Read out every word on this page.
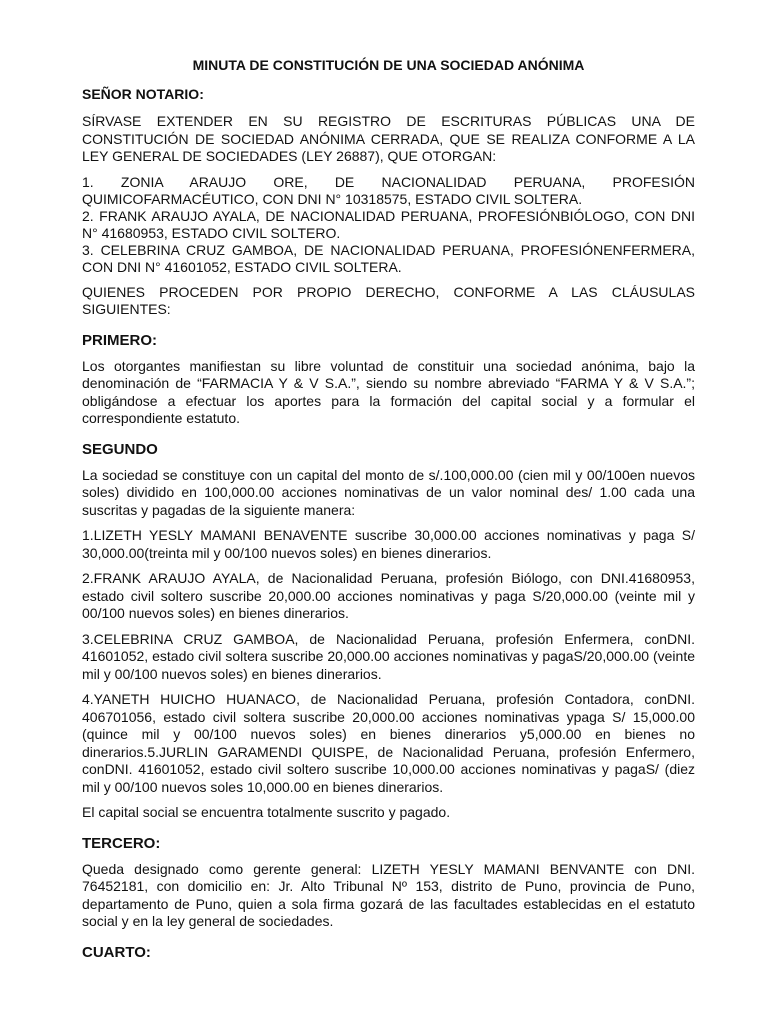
MINUTA DE CONSTITUCIÓN DE UNA SOCIEDAD ANÓNIMA
SEÑOR NOTARIO:
SÍRVASE EXTENDER EN SU REGISTRO DE ESCRITURAS PÚBLICAS UNA DE CONSTITUCIÓN DE SOCIEDAD ANÓNIMA CERRADA, QUE SE REALIZA CONFORME A LA LEY GENERAL DE SOCIEDADES (LEY 26887), QUE OTORGAN:
1. ZONIA ARAUJO ORE, DE NACIONALIDAD PERUANA, PROFESIÓN QUIMICOFARMACÉUTICO, CON DNI N° 10318575, ESTADO CIVIL SOLTERA.
2. FRANK ARAUJO AYALA, DE NACIONALIDAD PERUANA, PROFESIÓNBIÓLOGO, CON DNI N° 41680953, ESTADO CIVIL SOLTERO.
3. CELEBRINA CRUZ GAMBOA, DE NACIONALIDAD PERUANA, PROFESIÓNENFERMERA, CON DNI N° 41601052, ESTADO CIVIL SOLTERA.
QUIENES PROCEDEN POR PROPIO DERECHO, CONFORME A LAS CLÁUSULAS SIGUIENTES:
PRIMERO:
Los otorgantes manifiestan su libre voluntad de constituir una sociedad anónima, bajo la denominación de “FARMACIA Y & V S.A.”, siendo su nombre abreviado “FARMA Y & V S.A.”; obligándose a efectuar los aportes para la formación del capital social y a formular el correspondiente estatuto.
SEGUNDO
La sociedad se constituye con un capital del monto de s/.100,000.00 (cien mil y 00/100en nuevos soles) dividido en 100,000.00 acciones nominativas de un valor nominal des/ 1.00 cada una suscritas y pagadas de la siguiente manera:
1.LIZETH YESLY MAMANI BENAVENTE suscribe 30,000.00 acciones nominativas y paga S/ 30,000.00(treinta mil y 00/100 nuevos soles) en bienes dinerarios.
2.FRANK ARAUJO AYALA, de Nacionalidad Peruana, profesión Biólogo, con DNI.41680953, estado civil soltero suscribe 20,000.00 acciones nominativas y paga S/20,000.00 (veinte mil y 00/100 nuevos soles) en bienes dinerarios.
3.CELEBRINA CRUZ GAMBOA, de Nacionalidad Peruana, profesión Enfermera, conDNI. 41601052, estado civil soltera suscribe 20,000.00 acciones nominativas y pagaS/20,000.00 (veinte mil y 00/100 nuevos soles) en bienes dinerarios.
4.YANETH HUICHO HUANACO, de Nacionalidad Peruana, profesión Contadora, conDNI. 406701056, estado civil soltera suscribe 20,000.00 acciones nominativas ypaga S/ 15,000.00 (quince mil y 00/100 nuevos soles) en bienes dinerarios y5,000.00 en bienes no dinerarios.5.JURLIN GARAMENDI QUISPE, de Nacionalidad Peruana, profesión Enfermero, conDNI. 41601052, estado civil soltero suscribe 10,000.00 acciones nominativas y pagaS/ (diez mil y 00/100 nuevos soles 10,000.00 en bienes dinerarios.
El capital social se encuentra totalmente suscrito y pagado.
TERCERO:
Queda designado como gerente general: LIZETH YESLY MAMANI BENVANTE con DNI. 76452181, con domicilio en: Jr. Alto Tribunal Nº 153, distrito de Puno, provincia de Puno, departamento de Puno, quien a sola firma gozará de las facultades establecidas en el estatuto social y en la ley general de sociedades.
CUARTO:
